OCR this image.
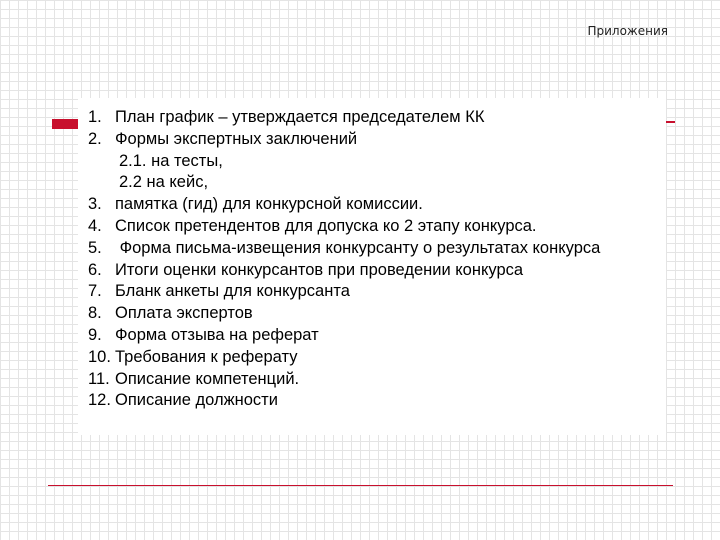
Приложения
1. План график – утверждается председателем КК
2. Формы экспертных заключений
2.1. на тесты,
2.2 на кейс,
3. памятка (гид) для конкурсной комиссии.
4. Список претендентов для допуска ко 2 этапу конкурса.
5. Форма письма-извещения конкурсанту о результатах конкурса
6. Итоги оценки конкурсантов при проведении конкурса
7. Бланк анкеты для конкурсанта
8. Оплата экспертов
9. Форма отзыва на реферат
10. Требования к реферату
11. Описание компетенций.
12. Описание должности
